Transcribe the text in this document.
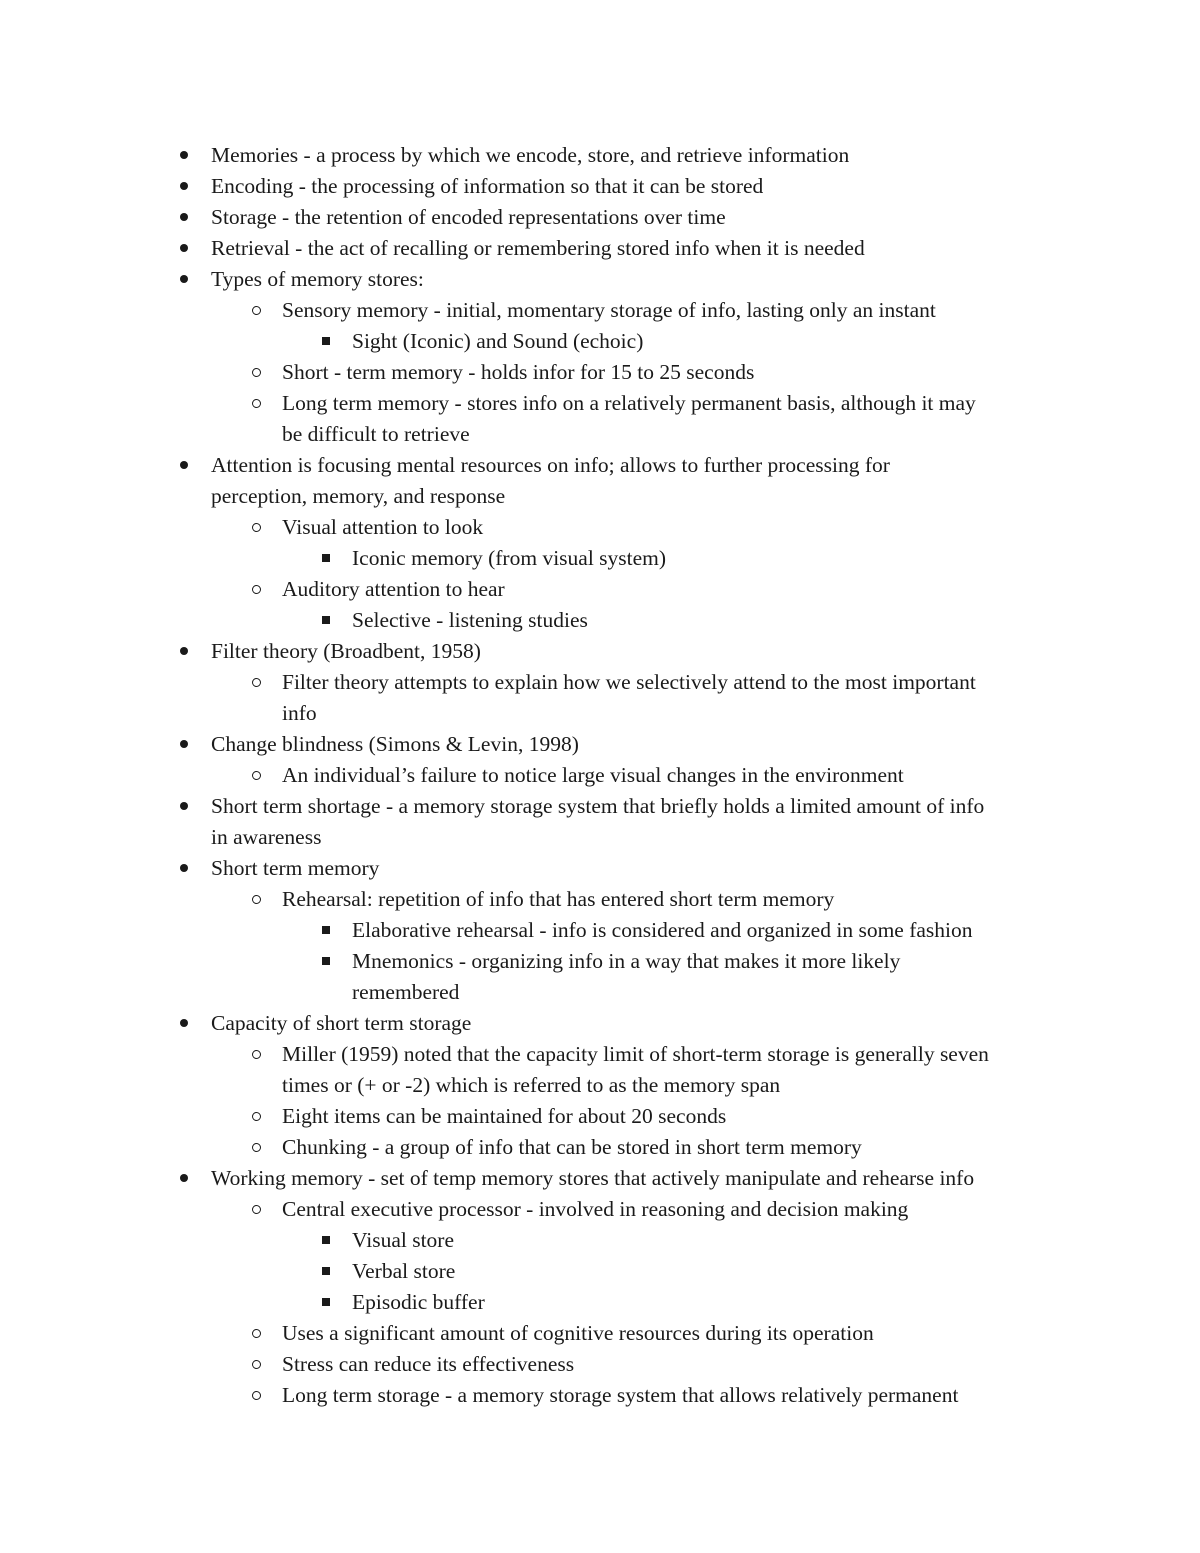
Memories - a process by which we encode, store, and retrieve information
Encoding - the processing of information so that it can be stored
Storage - the retention of encoded representations over time
Retrieval - the act of recalling or remembering stored info when it is needed
Types of memory stores:
Sensory memory - initial, momentary storage of info, lasting only an instant
Sight (Iconic) and Sound (echoic)
Short - term memory - holds infor for 15 to 25 seconds
Long term memory - stores info on a relatively permanent basis, although it may
be difficult to retrieve
Attention is focusing mental resources on info; allows to further processing for
perception, memory, and response
Visual attention to look
Iconic memory (from visual system)
Auditory attention to hear
Selective - listening studies
Filter theory (Broadbent, 1958)
Filter theory attempts to explain how we selectively attend to the most important
info
Change blindness (Simons & Levin, 1998)
An individual’s failure to notice large visual changes in the environment
Short term shortage - a memory storage system that briefly holds a limited amount of info
in awareness
Short term memory
Rehearsal: repetition of info that has entered short term memory
Elaborative rehearsal - info is considered and organized in some fashion
Mnemonics - organizing info in a way that makes it more likely
remembered
Capacity of short term storage
Miller (1959) noted that the capacity limit of short-term storage is generally seven
times or (+ or -2) which is referred to as the memory span
Eight items can be maintained for about 20 seconds
Chunking - a group of info that can be stored in short term memory
Working memory - set of temp memory stores that actively manipulate and rehearse info
Central executive processor - involved in reasoning and decision making
Visual store
Verbal store
Episodic buffer
Uses a significant amount of cognitive resources during its operation
Stress can reduce its effectiveness
Long term storage - a memory storage system that allows relatively permanent
